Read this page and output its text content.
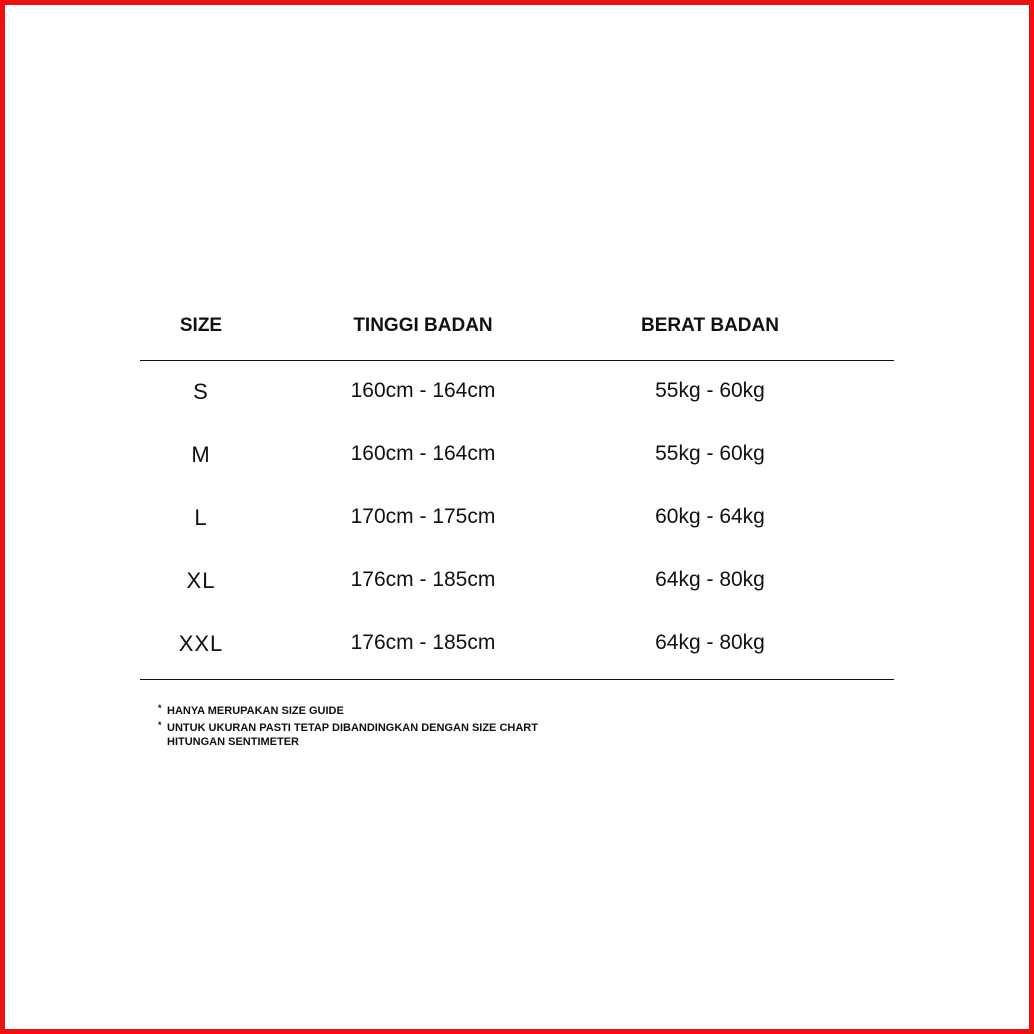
SIZE	TINGGI BADAN	BERAT BADAN
S	160cm - 164cm	55kg - 60kg
M	160cm - 164cm	55kg - 60kg
L	170cm - 175cm	60kg - 64kg
XL	176cm - 185cm	64kg - 80kg
XXL	176cm - 185cm	64kg - 80kg
* HANYA MERUPAKAN SIZE GUIDE
* UNTUK UKURAN PASTI TETAP DIBANDINGKAN DENGAN SIZE CHART
HITUNGAN SENTIMETER
